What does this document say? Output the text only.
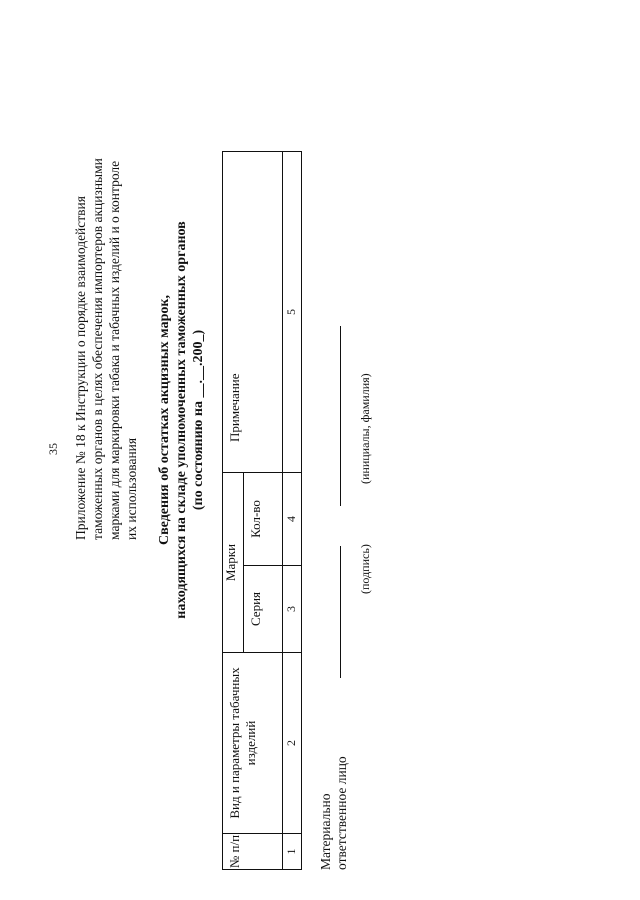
35 Приложение № 18 к Инструкции о порядке взаимодействия таможенных органов в целях обеспечения импортеров акцизными марками для маркировки табака и табачных изделий и о контроле их использования Сведения об остатках акцизных марок, находящихся на складе уполномоченных таможенных органов (по состоянию на __.__.200_)
№ п/п	Вид и параметры табачных изделий	Марки		Примечание
		Серия	Кол-во	
1	2	3	4	5
Материально ответственное лицо
(подпись)
(инициалы, фамилия)
